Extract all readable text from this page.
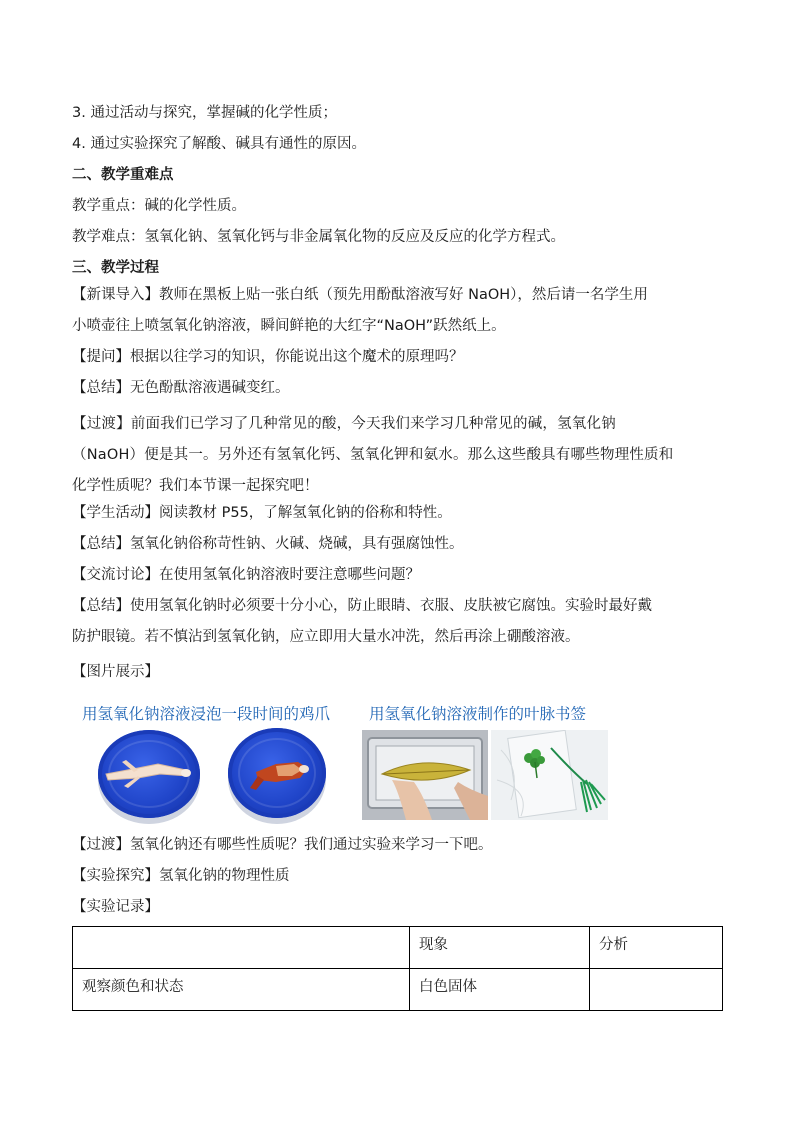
3. 通过活动与探究，掌握碱的化学性质；
4. 通过实验探究了解酸、碱具有通性的原因。
二、教学重难点
教学重点：碱的化学性质。
教学难点：氢氧化钠、氢氧化钙与非金属氧化物的反应及反应的化学方程式。
三、教学过程
【新课导入】教师在黑板上贴一张白纸（预先用酚酞溶液写好 NaOH），然后请一名学生用
小喷壶往上喷氢氧化钠溶液，瞬间鲜艳的大红字“NaOH”跃然纸上。
【提问】根据以往学习的知识，你能说出这个魔术的原理吗？
【总结】无色酚酞溶液遇碱变红。
【过渡】前面我们已学习了几种常见的酸，今天我们来学习几种常见的碱，氢氧化钠
（NaOH）便是其一。另外还有氢氧化钙、氢氧化钾和氨水。那么这些酸具有哪些物理性质和
化学性质呢？我们本节课一起探究吧！
【学生活动】阅读教材 P55，了解氢氧化钠的俗称和特性。
【总结】氢氧化钠俗称苛性钠、火碱、烧碱，具有强腐蚀性。
【交流讨论】在使用氢氧化钠溶液时要注意哪些问题？
【总结】使用氢氧化钠时必须要十分小心，防止眼睛、衣服、皮肤被它腐蚀。实验时最好戴
防护眼镜。若不慎沾到氢氧化钠，应立即用大量水冲洗，然后再涂上硼酸溶液。
【图片展示】
用氢氧化钠溶液浸泡一段时间的鸡爪	用氢氧化钠溶液制作的叶脉书签
【过渡】氢氧化钠还有哪些性质呢？我们通过实验来学习一下吧。
【实验探究】氢氧化钠的物理性质
【实验记录】
	现象	分析
观察颜色和状态	白色固体	
